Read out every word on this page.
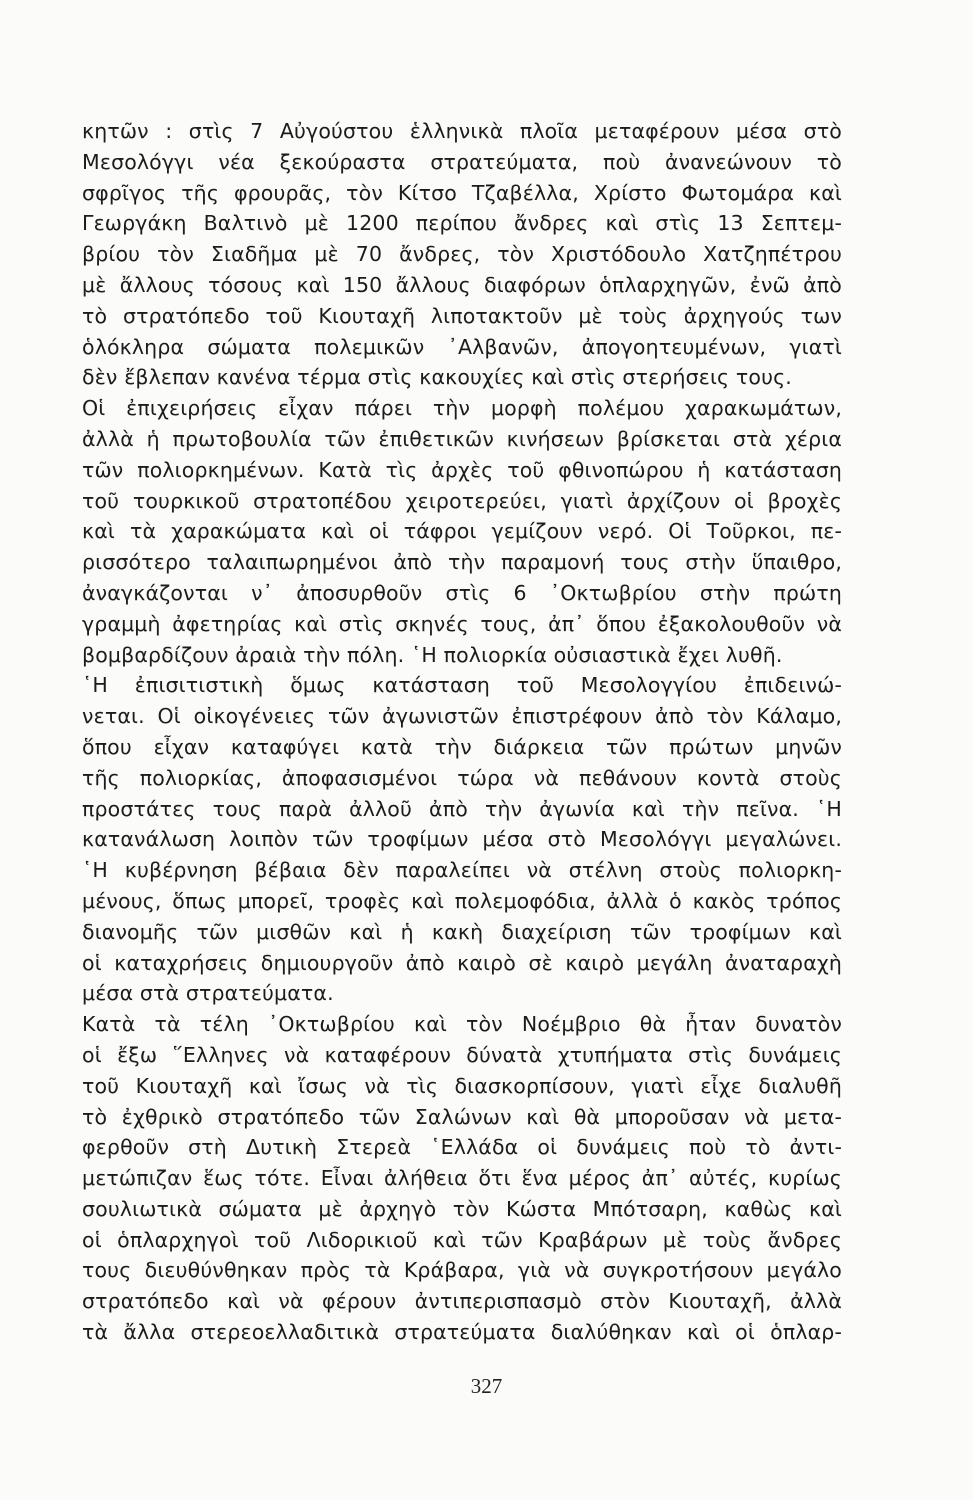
κητῶν : στὶς 7 Αὐγούστου ἑλληνικὰ πλοῖα μεταφέρουν μέσα στὸ
Μεσολόγγι νέα ξεκούραστα στρατεύματα, ποὺ ἀνανεώνουν τὸ
σφρῖγος τῆς φρουρᾶς, τὸν Κίτσο Τζαβέλλα, Χρίστο Φωτομάρα καὶ
Γεωργάκη Βαλτινὸ μὲ 1200 περίπου ἄνδρες καὶ στὶς 13 Σεπτεμ-
βρίου τὸν Σιαδῆμα μὲ 70 ἄνδρες, τὸν Χριστόδουλο Χατζηπέτρου
μὲ ἄλλους τόσους καὶ 150 ἄλλους διαφόρων ὁπλαρχηγῶν, ἐνῶ ἀπὸ
τὸ στρατόπεδο τοῦ Κιουταχῆ λιποτακτοῦν μὲ τοὺς ἀρχηγούς των
ὁλόκληρα σώματα πολεμικῶν ᾿Αλβανῶν, ἀπογοητευμένων, γιατὶ
δὲν ἔβλεπαν κανένα τέρμα στὶς κακουχίες καὶ στὶς στερήσεις τους.
Οἱ ἐπιχειρήσεις εἶχαν πάρει τὴν μορφὴ πολέμου χαρακωμάτων,
ἀλλὰ ἡ πρωτοβουλία τῶν ἐπιθετικῶν κινήσεων βρίσκεται στὰ χέρια
τῶν πολιορκημένων. Κατὰ τὶς ἀρχὲς τοῦ φθινοπώρου ἡ κατάσταση
τοῦ τουρκικοῦ στρατοπέδου χειροτερεύει, γιατὶ ἀρχίζουν οἱ βροχὲς
καὶ τὰ χαρακώματα καὶ οἱ τάφροι γεμίζουν νερό. Οἱ Τοῦρκοι, πε-
ρισσότερο ταλαιπωρημένοι ἀπὸ τὴν παραμονή τους στὴν ὕπαιθρο,
ἀναγκάζονται ν᾿ ἀποσυρθοῦν στὶς 6 ᾿Οκτωβρίου στὴν πρώτη
γραμμὴ ἀφετηρίας καὶ στὶς σκηνές τους, ἀπ᾿ ὅπου ἐξακολουθοῦν νὰ
βομβαρδίζουν ἀραιὰ τὴν πόλη. ῾Η πολιορκία οὐσιαστικὰ ἔχει λυθῆ.
῾Η ἐπισιτιστικὴ ὅμως κατάσταση τοῦ Μεσολογγίου ἐπιδεινώ-
νεται. Οἱ οἰκογένειες τῶν ἀγωνιστῶν ἐπιστρέφουν ἀπὸ τὸν Κάλαμο,
ὅπου εἶχαν καταφύγει κατὰ τὴν διάρκεια τῶν πρώτων μηνῶν
τῆς πολιορκίας, ἀποφασισμένοι τώρα νὰ πεθάνουν κοντὰ στοὺς
προστάτες τους παρὰ ἀλλοῦ ἀπὸ τὴν ἀγωνία καὶ τὴν πεῖνα. ῾Η
κατανάλωση λοιπὸν τῶν τροφίμων μέσα στὸ Μεσολόγγι μεγαλώνει.
῾Η κυβέρνηση βέβαια δὲν παραλείπει νὰ στέλνη στοὺς πολιορκη-
μένους, ὅπως μπορεῖ, τροφὲς καὶ πολεμοφόδια, ἀλλὰ ὁ κακὸς τρόπος
διανομῆς τῶν μισθῶν καὶ ἡ κακὴ διαχείριση τῶν τροφίμων καὶ
οἱ καταχρήσεις δημιουργοῦν ἀπὸ καιρὸ σὲ καιρὸ μεγάλη ἀναταραχὴ
μέσα στὰ στρατεύματα.
Κατὰ τὰ τέλη ᾿Οκτωβρίου καὶ τὸν Νοέμβριο θὰ ἦταν δυνατὸν
οἱ ἔξω ῞Ελληνες νὰ καταφέρουν δύνατὰ χτυπήματα στὶς δυνάμεις
τοῦ Κιουταχῆ καὶ ἴσως νὰ τὶς διασκορπίσουν, γιατὶ εἶχε διαλυθῆ
τὸ ἐχθρικὸ στρατόπεδο τῶν Σαλώνων καὶ θὰ μποροῦσαν νὰ μετα-
φερθοῦν στὴ Δυτικὴ Στερεὰ ῾Ελλάδα οἱ δυνάμεις ποὺ τὸ ἀντι-
μετώπιζαν ἕως τότε. Εἶναι ἀλήθεια ὅτι ἕνα μέρος ἀπ᾿ αὐτές, κυρίως
σουλιωτικὰ σώματα μὲ ἀρχηγὸ τὸν Κώστα Μπότσαρη, καθὼς καὶ
οἱ ὁπλαρχηγοὶ τοῦ Λιδορικιοῦ καὶ τῶν Κραβάρων μὲ τοὺς ἄνδρες
τους διευθύνθηκαν πρὸς τὰ Κράβαρα, γιὰ νὰ συγκροτήσουν μεγάλο
στρατόπεδο καὶ νὰ φέρουν ἀντιπερισπασμὸ στὸν Κιουταχῆ, ἀλλὰ
τὰ ἄλλα στερεοελλαδιτικὰ στρατεύματα διαλύθηκαν καὶ οἱ ὁπλαρ-
327
